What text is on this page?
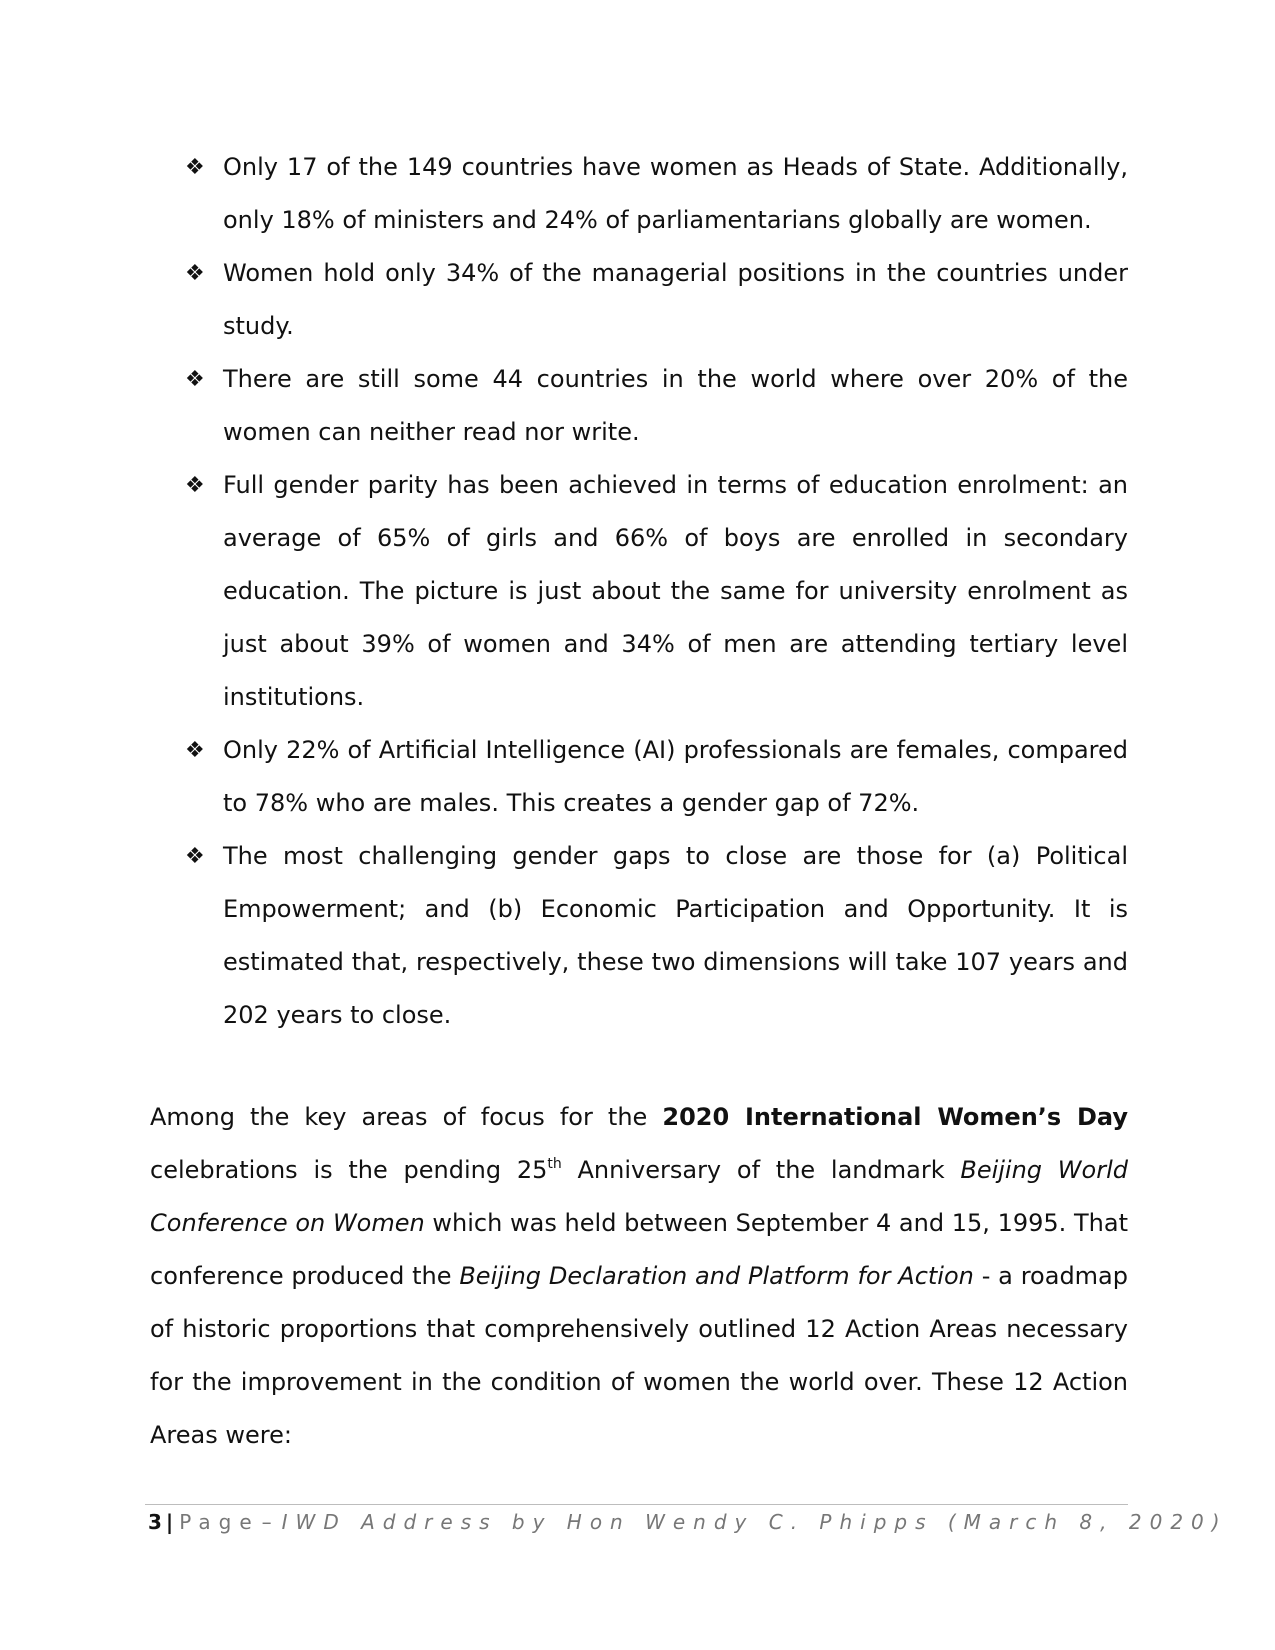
❖ Only 17 of the 149 countries have women as Heads of State. Additionally, only 18% of ministers and 24% of parliamentarians globally are women.
❖ Women hold only 34% of the managerial positions in the countries under study.
❖ There are still some 44 countries in the world where over 20% of the women can neither read nor write.
❖ Full gender parity has been achieved in terms of education enrolment: an average of 65% of girls and 66% of boys are enrolled in secondary education. The picture is just about the same for university enrolment as just about 39% of women and 34% of men are attending tertiary level institutions.
❖ Only 22% of Artificial Intelligence (AI) professionals are females, compared to 78% who are males. This creates a gender gap of 72%.
❖ The most challenging gender gaps to close are those for (a) Political Empowerment; and (b) Economic Participation and Opportunity. It is estimated that, respectively, these two dimensions will take 107 years and 202 years to close.

Among the key areas of focus for the 2020 International Women’s Day celebrations is the pending 25th Anniversary of the landmark Beijing World Conference on Women which was held between September 4 and 15, 1995. That conference produced the Beijing Declaration and Platform for Action - a roadmap of historic proportions that comprehensively outlined 12 Action Areas necessary for the improvement in the condition of women the world over. These 12 Action Areas were:

3 | Page – IWD Address by Hon Wendy C. Phipps (March 8, 2020)
